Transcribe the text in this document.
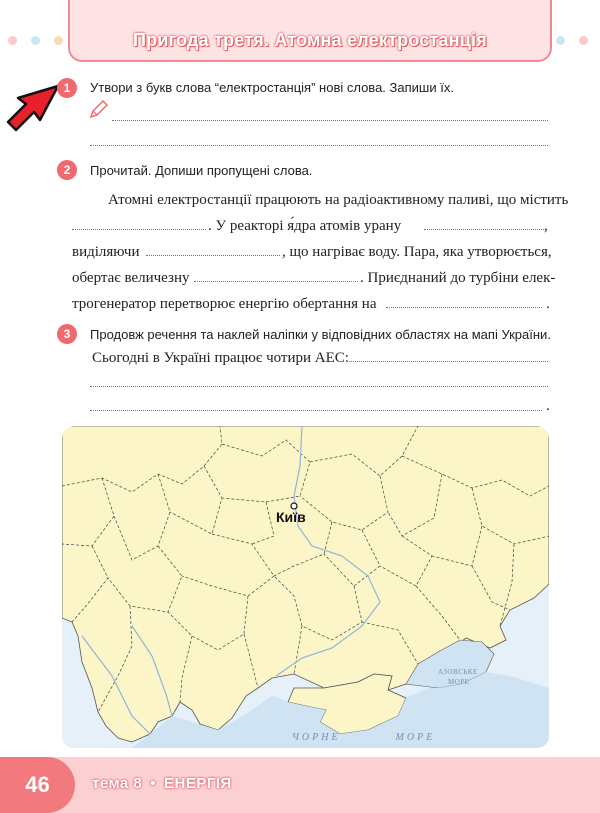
Пригода третя. Атомна електростанція
1	Утвори з букв слова “електростанція” нові слова. Запиши їх.
2	Прочитай. Допиши пропущені слова.
Атомні електростанції працюють на радіоактивному паливі, що містить
. У реакторі я́дра атомів урану	,
виділяючи	, що нагріває воду. Пара, яка утворюється,
обертає величезну	. Приєднаний до турбіни елек-
трогенератор перетворює енергію обертання на	.
3	Продовж речення та наклей наліпки у відповідних областях на мапі України.
Сьогодні в Україні працює чотири АЕС:
.
Київ
АЗОВСЬКЕ
МОРЕ
ЧОРНЕ          МОРЕ
46	тема 8 • ЕНЕРГІЯ
